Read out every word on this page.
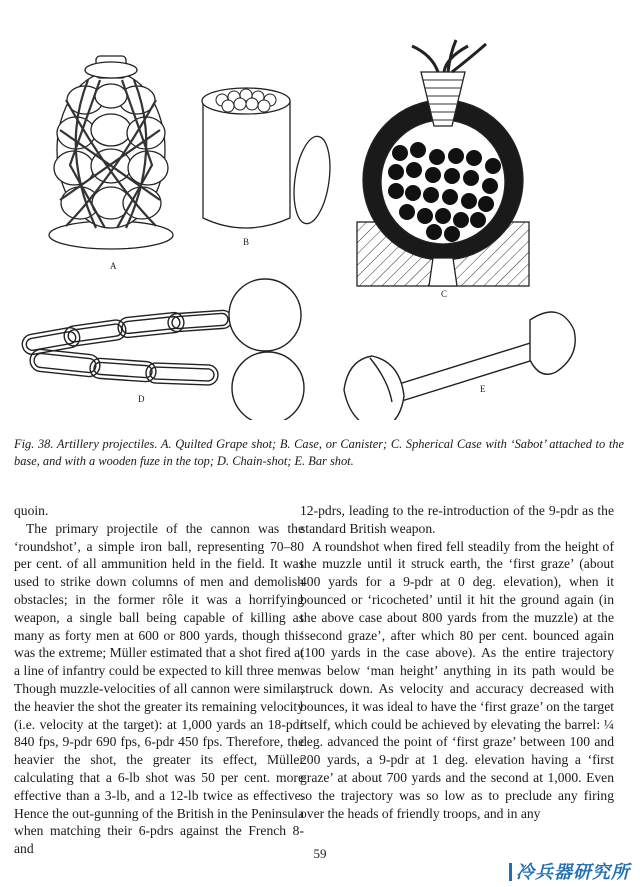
A
B
C
D
E

Fig. 38. Artillery projectiles. A. Quilted Grape shot; B. Case, or Canister; C. Spherical Case with ‘Sabot’ attached to the base, and with a wooden fuze in the top; D. Chain-shot; E. Bar shot.

quoin.

The primary projectile of the cannon was the ‘roundshot’, a simple iron ball, representing 70–80 per cent. of all ammunition held in the field. It was used to strike down columns of men and demolish obstacles; in the former rôle it was a horrifying weapon, a single ball being capable of killing as many as forty men at 600 or 800 yards, though this was the extreme; Müller estimated that a shot fired at a line of infantry could be expected to kill three men. Though muzzle-velocities of all cannon were similar, the heavier the shot the greater its remaining velocity (i.e. velocity at the target): at 1,000 yards an 18-pdr 840 fps, 9-pdr 690 fps, 6-pdr 450 fps. Therefore, the heavier the shot, the greater its effect, Müller calculating that a 6-lb shot was 50 per cent. more effective than a 3-lb, and a 12-lb twice as effective. Hence the out-gunning of the British in the Peninsula when matching their 6-pdrs against the French 8- and

12-pdrs, leading to the re-introduction of the 9-pdr as the standard British weapon.

A roundshot when fired fell steadily from the height of the muzzle until it struck earth, the ‘first graze’ (about 400 yards for a 9-pdr at 0 deg. elevation), when it bounced or ‘ricocheted’ until it hit the ground again (in the above case about 800 yards from the muzzle) at the ‘second graze’, after which 80 per cent. bounced again (100 yards in the case above). As the entire trajectory was below ‘man height’ anything in its path would be struck down. As velocity and accuracy decreased with bounces, it was ideal to have the ‘first graze’ on the target itself, which could be achieved by elevating the barrel: ¼ deg. advanced the point of ‘first graze’ between 100 and 200 yards, a 9-pdr at 1 deg. elevation having a ‘first graze’ at about 700 yards and the second at 1,000. Even so the trajectory was so low as to preclude any firing over the heads of friendly troops, and in any

59
冷兵器研究所
